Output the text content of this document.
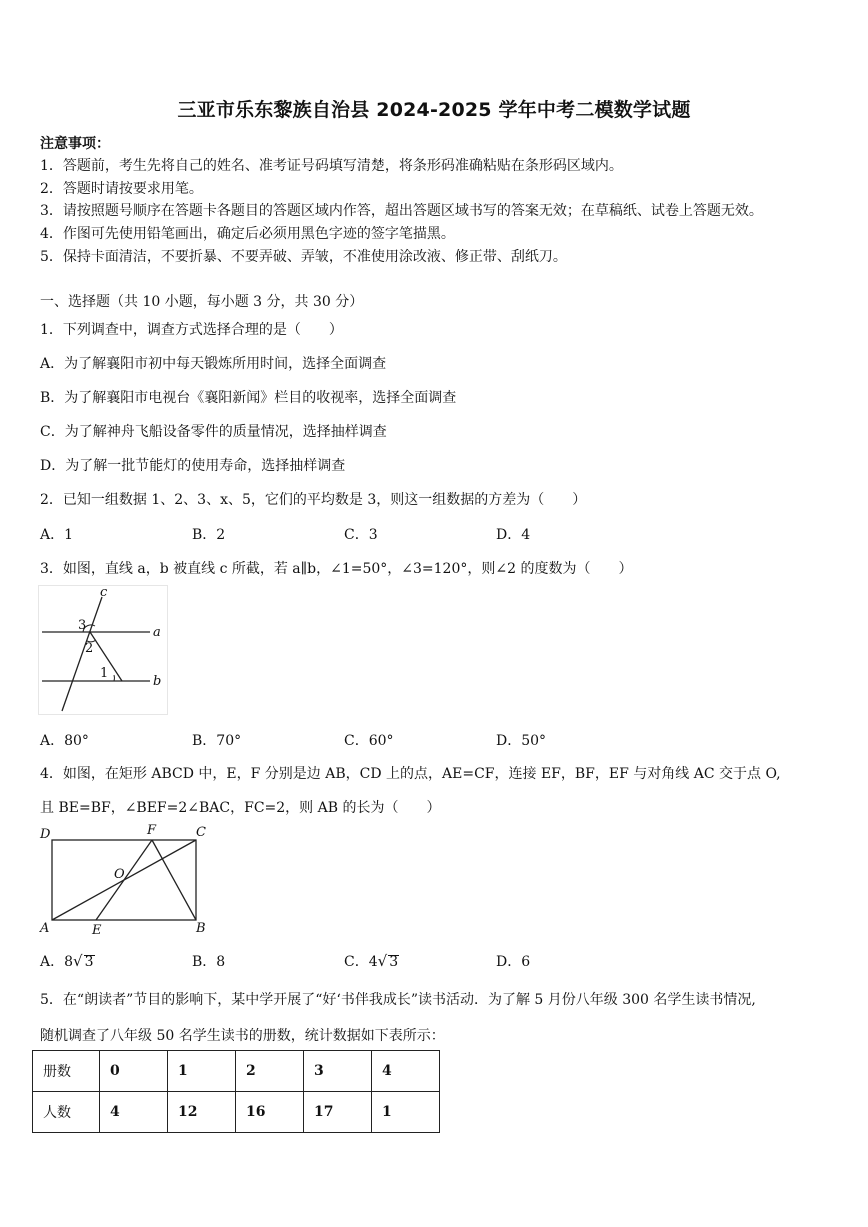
三亚市乐东黎族自治县 2024-2025 学年中考二模数学试题
注意事项：
1．答题前，考生先将自己的姓名、准考证号码填写清楚，将条形码准确粘贴在条形码区域内。
2．答题时请按要求用笔。
3．请按照题号顺序在答题卡各题目的答题区域内作答，超出答题区域书写的答案无效；在草稿纸、试卷上答题无效。
4．作图可先使用铅笔画出，确定后必须用黑色字迹的签字笔描黑。
5．保持卡面清洁，不要折暴、不要弄破、弄皱，不准使用涂改液、修正带、刮纸刀。
一、选择题（共 10 小题，每小题 3 分，共 30 分）
1．下列调查中，调查方式选择合理的是（　　）
A．为了解襄阳市初中每天锻炼所用时间，选择全面调查
B．为了解襄阳市电视台《襄阳新闻》栏目的收视率，选择全面调查
C．为了解神舟飞船设备零件的质量情况，选择抽样调查
D．为了解一批节能灯的使用寿命，选择抽样调查
2．已知一组数据 1、2、3、x、5，它们的平均数是 3，则这一组数据的方差为（　　）
A．1	B．2	C．3	D．4
3．如图，直线 a，b 被直线 c 所截，若 a∥b，∠1=50°，∠3=120°，则∠2 的度数为（　　）
c
a
b
3
2
1
A．80°	B．70°	C．60°	D．50°
4．如图，在矩形 ABCD 中，E，F 分别是边 AB，CD 上的点，AE=CF，连接 EF，BF，EF 与对角线 AC 交于点 O,
且 BE=BF，∠BEF=2∠BAC，FC=2，则 AB 的长为（　　）
D	F	C
O
A	E	B
A．8√ 3	B．8	C．4√ 3	D．6
5．在“朗读者”节目的影响下，某中学开展了“好‘书伴我成长”读书活动．为了解 5 月份八年级 300 名学生读书情况,
随机调查了八年级 50 名学生读书的册数，统计数据如下表所示：
册数	0	1	2	3	4
人数	4	12	16	17	1
